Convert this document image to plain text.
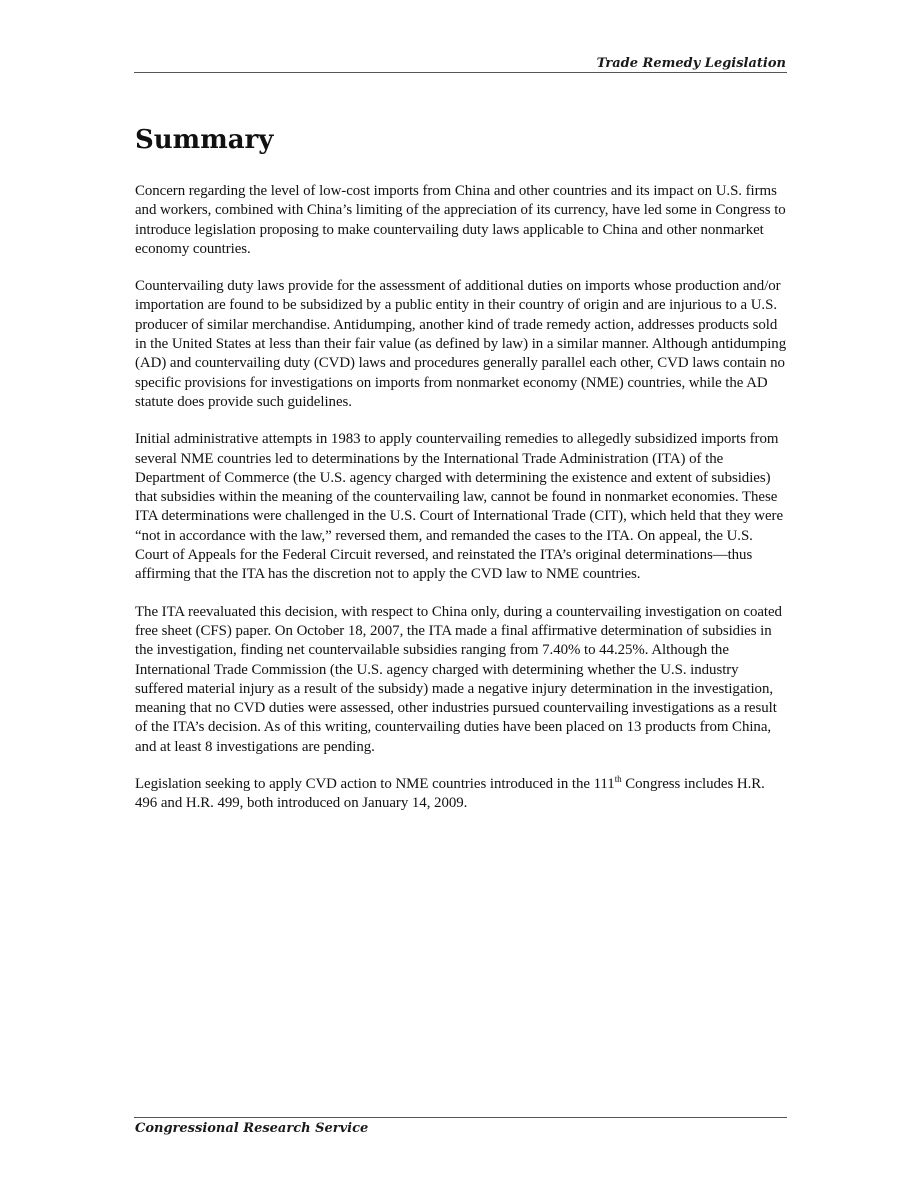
Trade Remedy Legislation
Summary

Concern regarding the level of low-cost imports from China and other countries and its impact on U.S. firms and workers, combined with China’s limiting of the appreciation of its currency, have led some in Congress to introduce legislation proposing to make countervailing duty laws applicable to China and other nonmarket economy countries.

Countervailing duty laws provide for the assessment of additional duties on imports whose production and/or importation are found to be subsidized by a public entity in their country of origin and are injurious to a U.S. producer of similar merchandise. Antidumping, another kind of trade remedy action, addresses products sold in the United States at less than their fair value (as defined by law) in a similar manner. Although antidumping (AD) and countervailing duty (CVD) laws and procedures generally parallel each other, CVD laws contain no specific provisions for investigations on imports from nonmarket economy (NME) countries, while the AD statute does provide such guidelines.

Initial administrative attempts in 1983 to apply countervailing remedies to allegedly subsidized imports from several NME countries led to determinations by the International Trade Administration (ITA) of the Department of Commerce (the U.S. agency charged with determining the existence and extent of subsidies) that subsidies within the meaning of the countervailing law, cannot be found in nonmarket economies. These ITA determinations were challenged in the U.S. Court of International Trade (CIT), which held that they were “not in accordance with the law,” reversed them, and remanded the cases to the ITA. On appeal, the U.S. Court of Appeals for the Federal Circuit reversed, and reinstated the ITA’s original determinations—thus affirming that the ITA has the discretion not to apply the CVD law to NME countries.

The ITA reevaluated this decision, with respect to China only, during a countervailing investigation on coated free sheet (CFS) paper. On October 18, 2007, the ITA made a final affirmative determination of subsidies in the investigation, finding net countervailable subsidies ranging from 7.40% to 44.25%. Although the International Trade Commission (the U.S. agency charged with determining whether the U.S. industry suffered material injury as a result of the subsidy) made a negative injury determination in the investigation, meaning that no CVD duties were assessed, other industries pursued countervailing investigations as a result of the ITA’s decision. As of this writing, countervailing duties have been placed on 13 products from China, and at least 8 investigations are pending.

Legislation seeking to apply CVD action to NME countries introduced in the 111th Congress includes H.R. 496 and H.R. 499, both introduced on January 14, 2009.

Congressional Research Service
